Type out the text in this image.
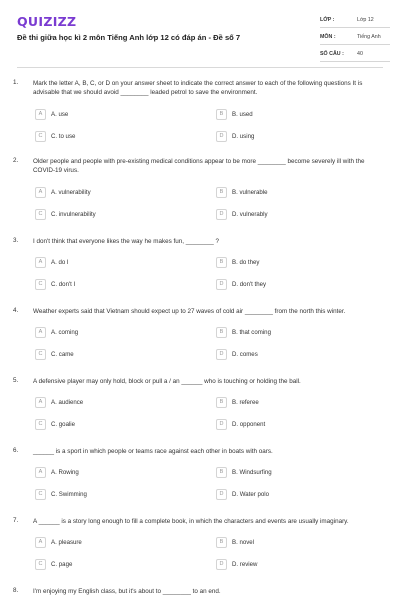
QUIZIZZ
Đề thi giữa học kì 2 môn Tiếng Anh lớp 12 có đáp án - Đề số 7
LỚP :	Lớp 12
MÔN :	Tiếng Anh
SỐ CÂU : 40
1. Mark the letter A, B, C, or D on your answer sheet to indicate the correct answer to each of the following questions It is advisable that we should avoid ________ leaded petrol to save the environment.
A	A. use	B	B. used
C	C. to use	D	D. using
2. Older people and people with pre-existing medical conditions appear to be more ________ become severely ill with the COVID-19 virus.
A	A. vulnerability	B	B. vulnerable
C	C. invulnerability	D	D. vulnerably
3. I don't think that everyone likes the way he makes fun, ________ ?
A	A. do I	B	B. do they
C	C. don't I	D	D. don't they
4. Weather experts said that Vietnam should expect up to 27 waves of cold air ________ from the north this winter.
A	A. coming	B	B. that coming
C	C. came	D	D. comes
5. A defensive player may only hold, block or pull a / an ______ who is touching or holding the ball.
A	A. audience	B	B. referee
C	C. goalie	D	D. opponent
6. ______ is a sport in which people or teams race against each other in boats with oars.
A	A. Rowing	B	B. Windsurfing
C	C. Swimming	D	D. Water polo
7. A ______ is a story long enough to fill a complete book, in which the characters and events are usually imaginary.
A	A. pleasure	B	B. novel
C	C. page	D	D. review
8. I'm enjoying my English class, but it's about to ________ to an end.
